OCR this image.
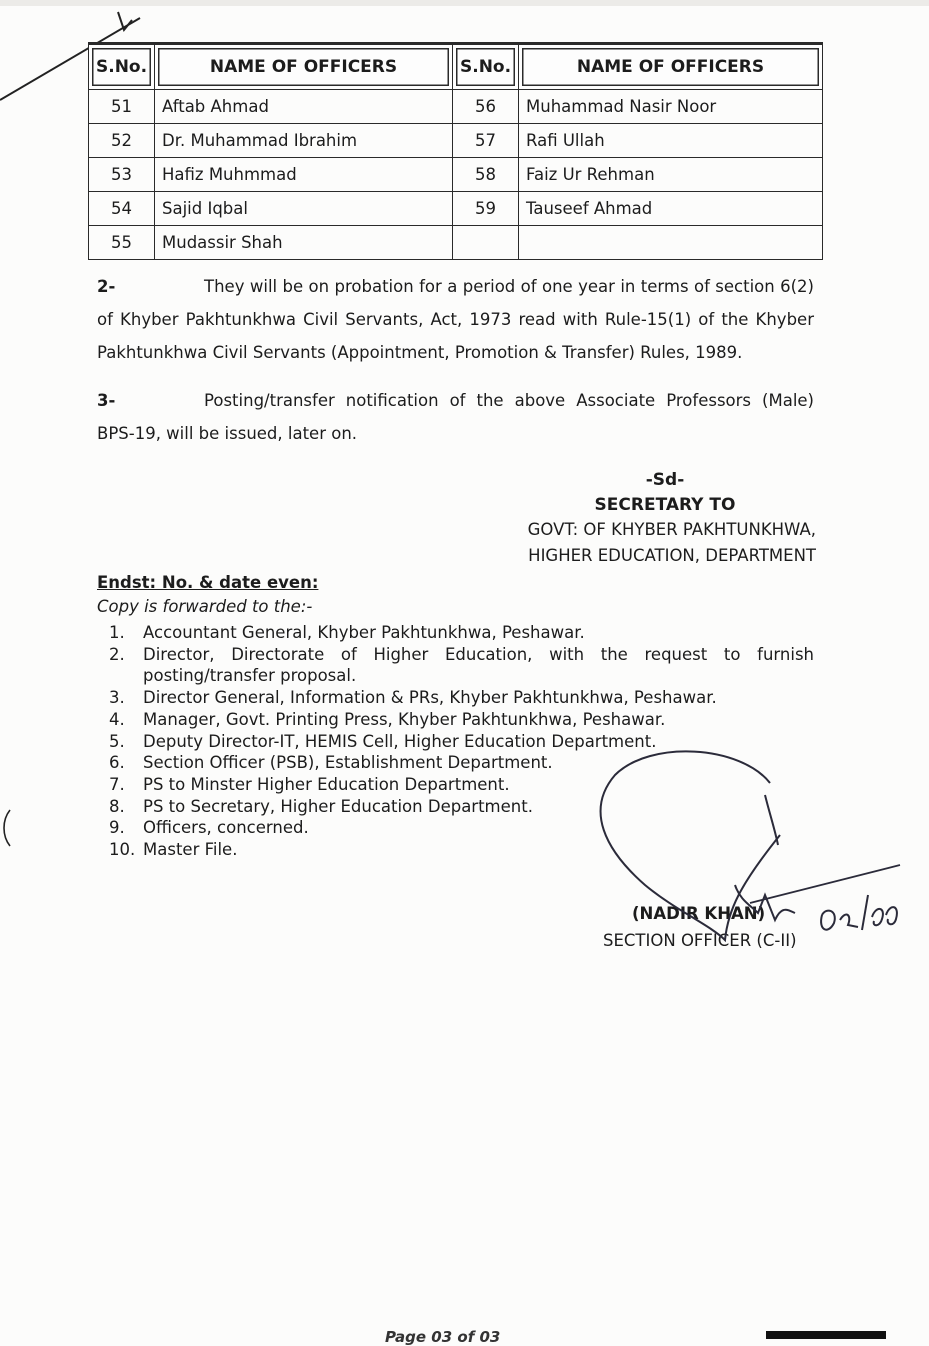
S.No.	NAME OF OFFICERS	S.No.	NAME OF OFFICERS
51	Aftab Ahmad	56	Muhammad Nasir Noor
52	Dr. Muhammad Ibrahim	57	Rafi Ullah
53	Hafiz Muhmmad	58	Faiz Ur Rehman
54	Sajid Iqbal	59	Tauseef Ahmad
55	Mudassir Shah		
2-	They will be on probation for a period of one year in terms of section 6(2) of Khyber Pakhtunkhwa Civil Servants, Act, 1973 read with Rule-15(1) of the Khyber Pakhtunkhwa Civil Servants (Appointment, Promotion & Transfer) Rules, 1989.
3-	Posting/transfer notification of the above Associate Professors (Male) BPS-19, will be issued, later on.
-Sd-
SECRETARY TO
GOVT: OF KHYBER PAKHTUNKHWA,
HIGHER EDUCATION, DEPARTMENT
Endst: No. & date even:
Copy is forwarded to the:-
1.	Accountant General, Khyber Pakhtunkhwa, Peshawar.
2.	Director, Directorate of Higher Education, with the request to furnish
posting/transfer proposal.
3.	Director General, Information & PRs, Khyber Pakhtunkhwa, Peshawar.
4.	Manager, Govt. Printing Press, Khyber Pakhtunkhwa, Peshawar.
5.	Deputy Director-IT, HEMIS Cell, Higher Education Department.
6.	Section Officer (PSB), Establishment Department.
7.	PS to Minster Higher Education Department.
8.	PS to Secretary, Higher Education Department.
9.	Officers, concerned.
10. Master File.
(NADIR KHAN)
SECTION OFFICER (C-II)
Page 03 of 03
